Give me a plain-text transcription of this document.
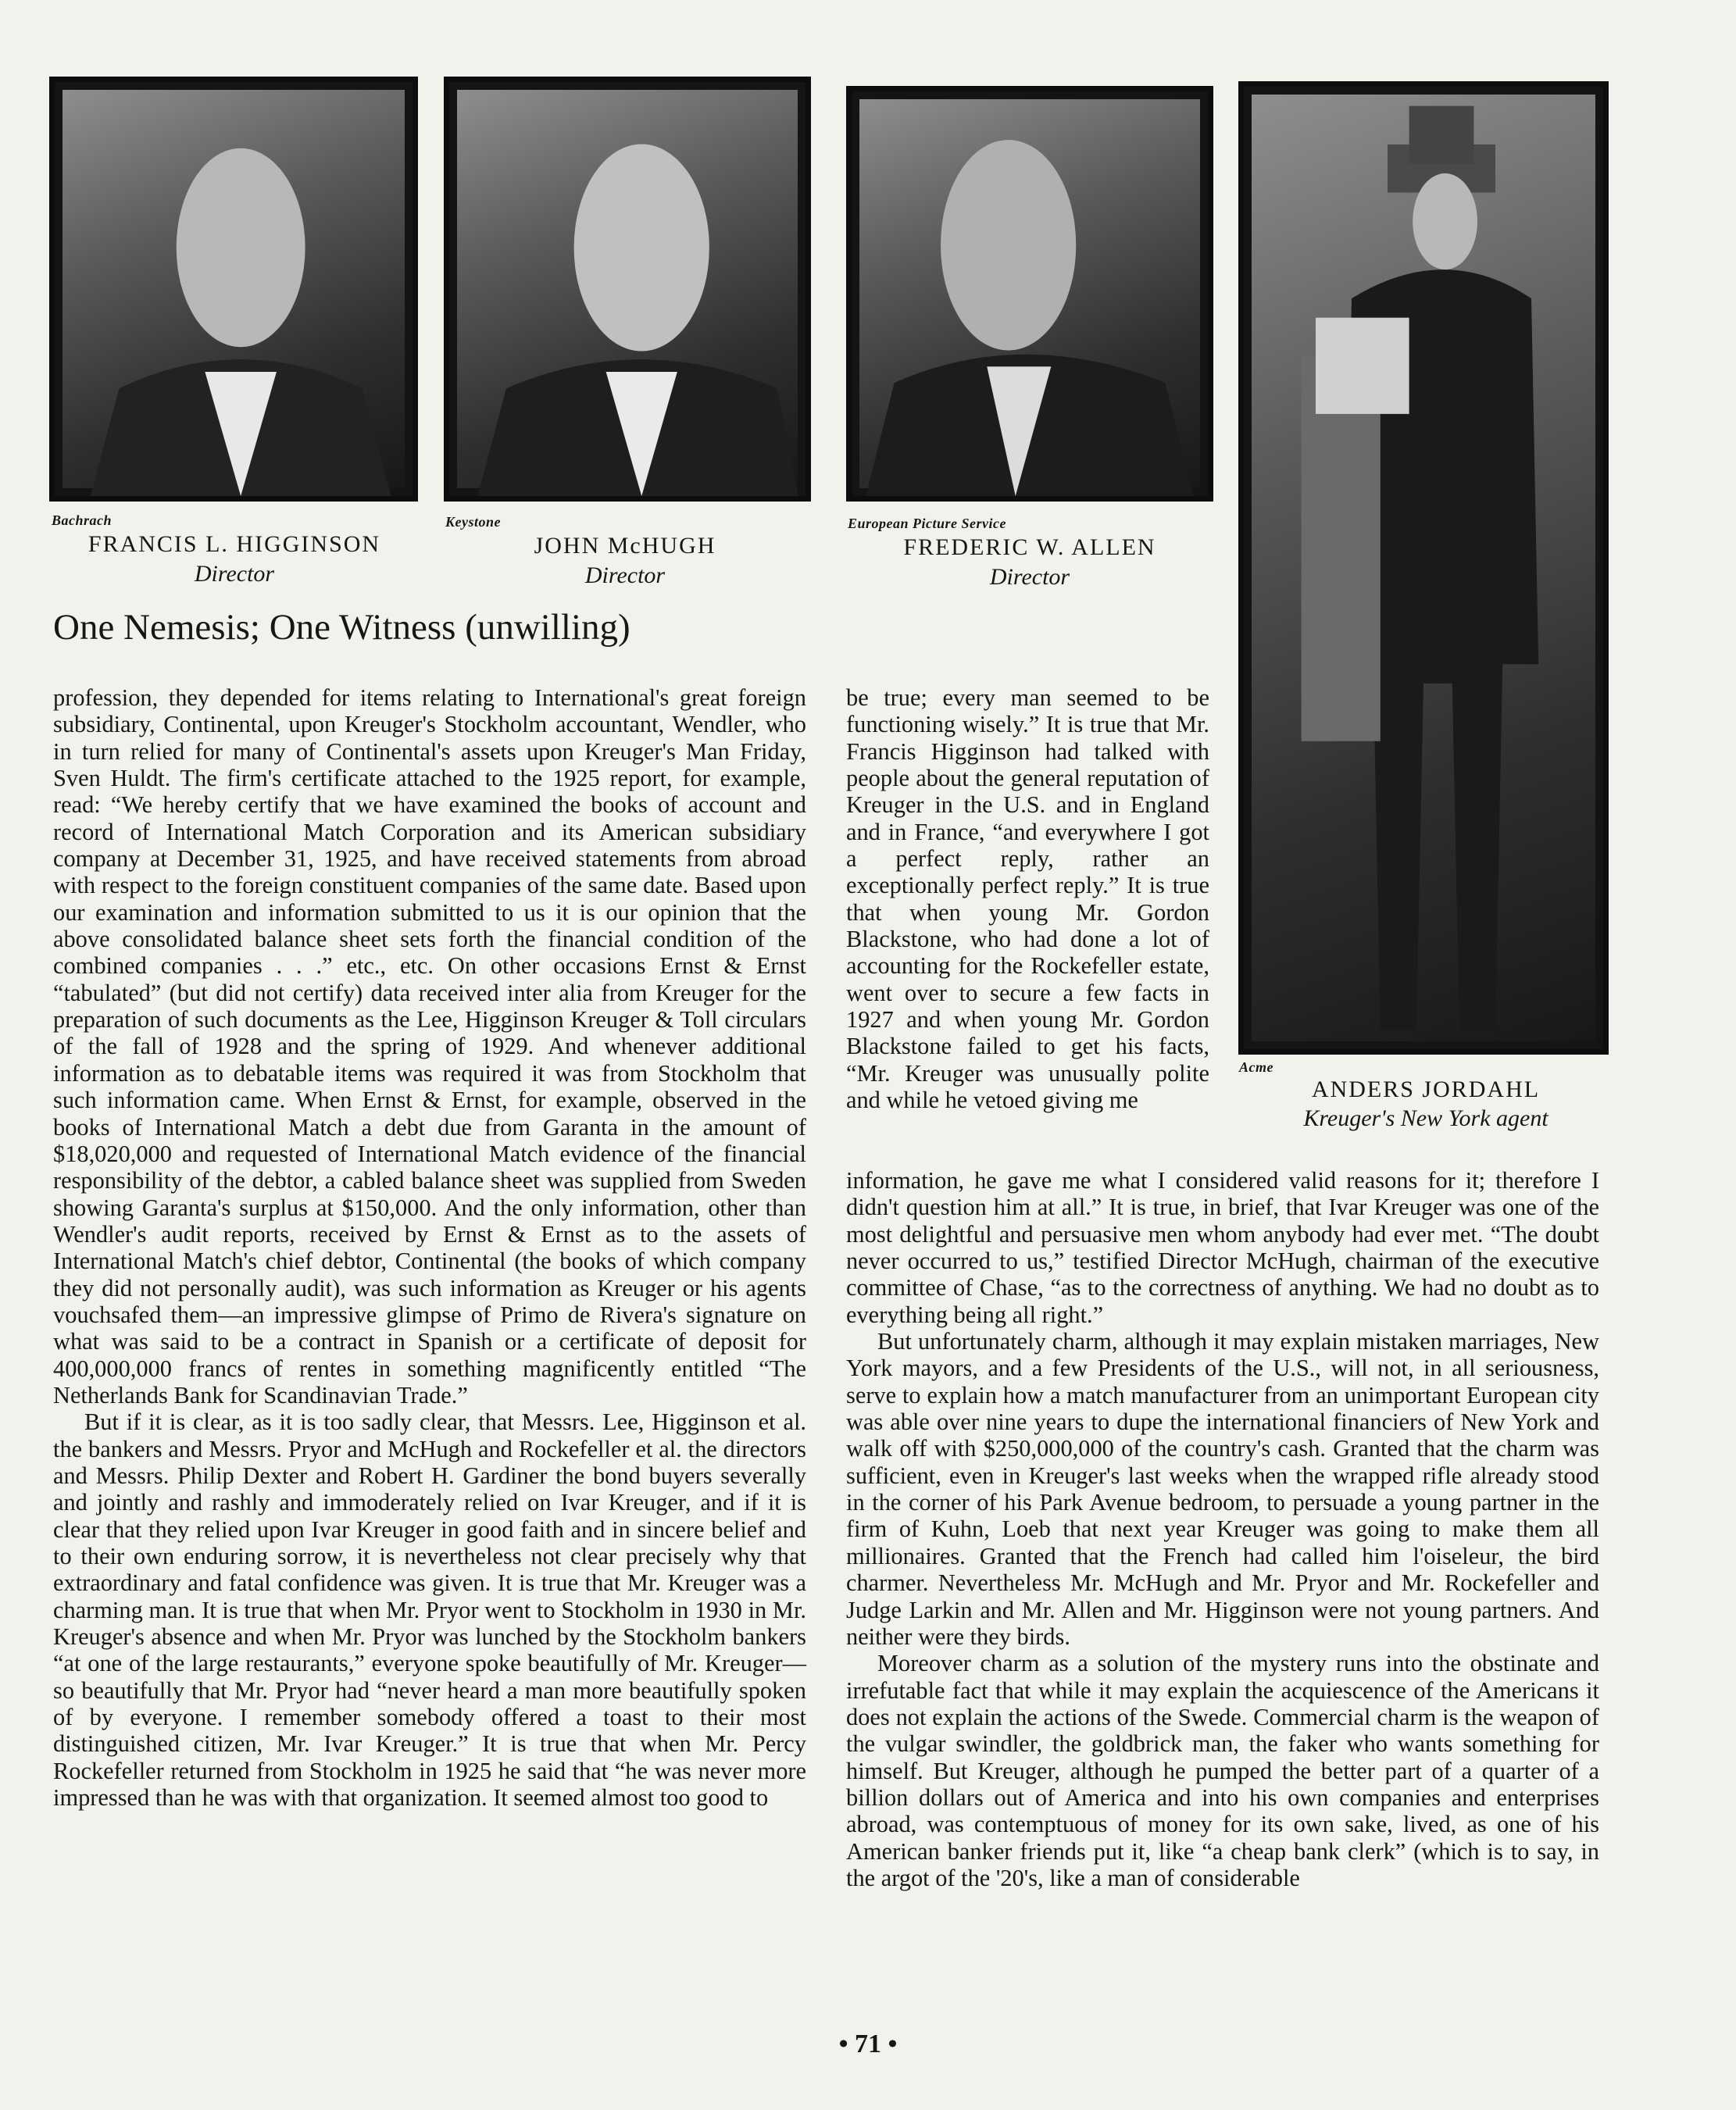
Bachrach	Keystone	European Picture Service
Acme
FRANCIS L. HIGGINSON
Director
JOHN McHUGH
Director
FREDERIC W. ALLEN
Director
ANDERS JORDAHL
Kreuger's New York agent
One Nemesis; One Witness (unwilling)

profession, they depended for items relating to International's great foreign subsidiary, Continental, upon Kreuger's Stockholm accountant, Wendler, who in turn relied for many of Continental's assets upon Kreuger's Man Friday, Sven Huldt. The firm's certificate attached to the 1925 report, for example, read: “We hereby certify that we have examined the books of account and record of International Match Corporation and its American subsidiary company at December 31, 1925, and have received statements from abroad with respect to the foreign constituent companies of the same date. Based upon our examination and information submitted to us it is our opinion that the above consolidated balance sheet sets forth the financial condition of the combined companies . . .” etc., etc. On other occasions Ernst & Ernst “tabulated” (but did not certify) data received inter alia from Kreuger for the preparation of such documents as the Lee, Higginson Kreuger & Toll circulars of the fall of 1928 and the spring of 1929. And whenever additional information as to debatable items was required it was from Stockholm that such information came. When Ernst & Ernst, for example, observed in the books of International Match a debt due from Garanta in the amount of $18,020,000 and requested of International Match evidence of the financial responsibility of the debtor, a cabled balance sheet was supplied from Sweden showing Garanta's surplus at $150,000. And the only information, other than Wendler's audit reports, received by Ernst & Ernst as to the assets of International Match's chief debtor, Continental (the books of which company they did not personally audit), was such information as Kreuger or his agents vouchsafed them—an impressive glimpse of Primo de Rivera's signature on what was said to be a contract in Spanish or a certificate of deposit for 400,000,000 francs of rentes in something magnificently entitled “The Netherlands Bank for Scandinavian Trade.”

But if it is clear, as it is too sadly clear, that Messrs. Lee, Higginson et al. the bankers and Messrs. Pryor and McHugh and Rockefeller et al. the directors and Messrs. Philip Dexter and Robert H. Gardiner the bond buyers severally and jointly and rashly and immoderately relied on Ivar Kreuger, and if it is clear that they relied upon Ivar Kreuger in good faith and in sincere belief and to their own enduring sorrow, it is nevertheless not clear precisely why that extraordinary and fatal confidence was given. It is true that Mr. Kreuger was a charming man. It is true that when Mr. Pryor went to Stockholm in 1930 in Mr. Kreuger's absence and when Mr. Pryor was lunched by the Stockholm bankers “at one of the large restaurants,” everyone spoke beautifully of Mr. Kreuger—so beautifully that Mr. Pryor had “never heard a man more beautifully spoken of by everyone. I remember somebody offered a toast to their most distinguished citizen, Mr. Ivar Kreuger.” It is true that when Mr. Percy Rockefeller returned from Stockholm in 1925 he said that “he was never more impressed than he was with that organization. It seemed almost too good to

be true; every man seemed to be functioning wisely.” It is true that Mr. Francis Higginson had talked with people about the general reputation of Kreuger in the U.S. and in England and in France, “and everywhere I got a perfect reply, rather an exceptionally perfect reply.” It is true that when young Mr. Gordon Blackstone, who had done a lot of accounting for the Rockefeller estate, went over to secure a few facts in 1927 and when young Mr. Gordon Blackstone failed to get his facts, “Mr. Kreuger was unusually polite and while he vetoed giving me

information, he gave me what I considered valid reasons for it; therefore I didn't question him at all.” It is true, in brief, that Ivar Kreuger was one of the most delightful and persuasive men whom anybody had ever met. “The doubt never occurred to us,” testified Director McHugh, chairman of the executive committee of Chase, “as to the correctness of anything. We had no doubt as to everything being all right.”

But unfortunately charm, although it may explain mistaken marriages, New York mayors, and a few Presidents of the U.S., will not, in all seriousness, serve to explain how a match manufacturer from an unimportant European city was able over nine years to dupe the international financiers of New York and walk off with $250,000,000 of the country's cash. Granted that the charm was sufficient, even in Kreuger's last weeks when the wrapped rifle already stood in the corner of his Park Avenue bedroom, to persuade a young partner in the firm of Kuhn, Loeb that next year Kreuger was going to make them all millionaires. Granted that the French had called him l'oiseleur, the bird charmer. Nevertheless Mr. McHugh and Mr. Pryor and Mr. Rockefeller and Judge Larkin and Mr. Allen and Mr. Higginson were not young partners. And neither were they birds.

Moreover charm as a solution of the mystery runs into the obstinate and irrefutable fact that while it may explain the acquiescence of the Americans it does not explain the actions of the Swede. Commercial charm is the weapon of the vulgar swindler, the goldbrick man, the faker who wants something for himself. But Kreuger, although he pumped the better part of a quarter of a billion dollars out of America and into his own companies and enterprises abroad, was contemptuous of money for its own sake, lived, as one of his American banker friends put it, like “a cheap bank clerk” (which is to say, in the argot of the '20's, like a man of considerable

• 71 •
